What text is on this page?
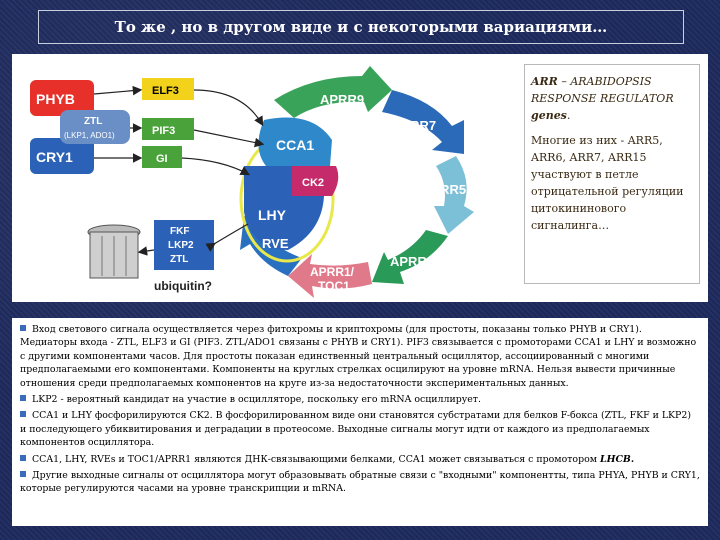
То же , но в другом виде и с некоторыми вариациями…
PHYB
CRY1
ZTL
(LKP1, ADO1)
ELF3
PIF3
GI
CCA1
CK2
LHY
APRR9
APRR7
APRR5
APRR3
APRR1/
TOC1
RVE
FKF
LKP2
ZTL
ubiquitin?
ARR – ARABIDOPSIS RESPONSE REGULATOR genes.
Многие из них - ARR5, ARR6, ARR7, ARR15 участвуют в петле отрицательной регуляции цитокининового сигналинга…
Вход светового сигнала осуществляется через фитохромы и криптохромы (для простоты, показаны только PHYB и CRY1). Медиаторы входа - ZTL, ELF3 и GI (PIF3. ZTL/ADO1 связаны с PHYB и CRY1). PIF3 связывается с промоторами CCA1 и LHY и возможно с другими компонентами часов. Для простоты показан единственный центральный осциллятор, ассоциированный с многими предполагаемыми его компонентами. Компоненты на круглых стрелках осцилируют на уровне mRNA. Нельзя вывести причинные отношения среди предполагаемых компонентов на круге из-за недостаточности экспериментальных данных.
LKP2 - вероятный кандидат на участие в осцилляторе, поскольку его mRNA осциллирует.
CCA1 и LHY фосфорилируются CK2. В фосфорилированном виде они становятся субстратами для белков F-бокса (ZTL, FKF и LKP2) и последующего убиквитирования и деградации в протеосоме. Выходные сигналы могут идти от каждого из предполагаемых компонентов осциллятора.
CCA1, LHY, RVEs и TOC1/APRR1 являются ДНК-связывающими белками, CCA1 может связываться с промотором LHCB.
Другие выходные сигналы от осциллятора могут образовывать обратные связи с "входными" компонентты, типа PHYA, PHYB и CRY1, которые регулируются часами на уровне транскрипции и mRNA.
